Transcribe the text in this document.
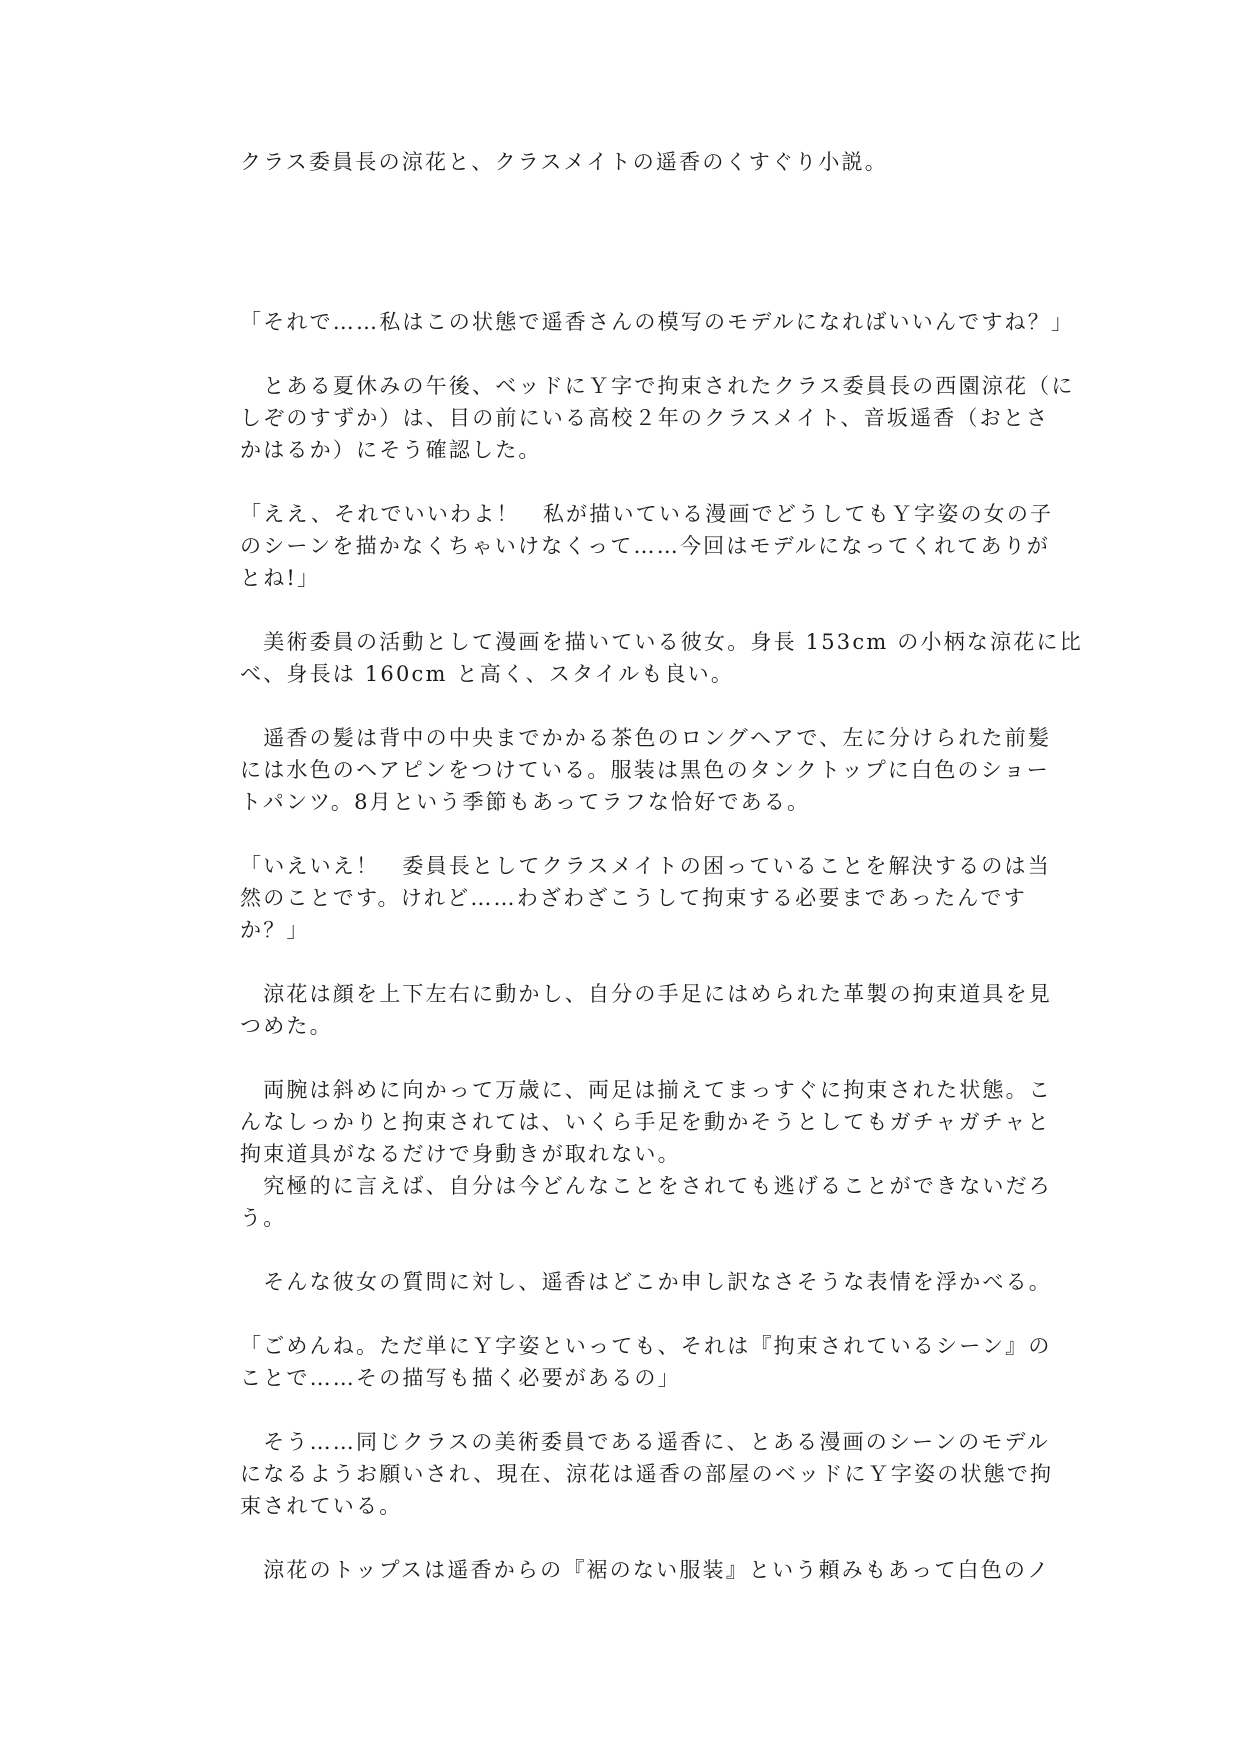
クラス委員長の涼花と、クラスメイトの遥香のくすぐり小説。
「それで……私はこの状態で遥香さんの模写のモデルになればいいんですね？」
　とある夏休みの午後、ベッドにＹ字で拘束されたクラス委員長の西園涼花（に
しぞのすずか）は、目の前にいる高校２年のクラスメイト、音坂遥香（おとさ
かはるか）にそう確認した。
「ええ、それでいいわよ！　私が描いている漫画でどうしてもＹ字姿の女の子
のシーンを描かなくちゃいけなくって……今回はモデルになってくれてありが
とね!」
　美術委員の活動として漫画を描いている彼女。身長 153cm の小柄な涼花に比
べ、身長は 160cm と高く、スタイルも良い。
　遥香の髪は背中の中央までかかる茶色のロングヘアで、左に分けられた前髪
には水色のヘアピンをつけている。服装は黒色のタンクトップに白色のショー
トパンツ。8月という季節もあってラフな恰好である。
「いえいえ！　委員長としてクラスメイトの困っていることを解決するのは当
然のことです。けれど……わざわざこうして拘束する必要まであったんです
か？」
　涼花は顔を上下左右に動かし、自分の手足にはめられた革製の拘束道具を見
つめた。
　両腕は斜めに向かって万歳に、両足は揃えてまっすぐに拘束された状態。こ
んなしっかりと拘束されては、いくら手足を動かそうとしてもガチャガチャと
拘束道具がなるだけで身動きが取れない。
　究極的に言えば、自分は今どんなことをされても逃げることができないだろ
う。
　そんな彼女の質問に対し、遥香はどこか申し訳なさそうな表情を浮かべる。
「ごめんね。ただ単にＹ字姿といっても、それは『拘束されているシーン』の
ことで……その描写も描く必要があるの」
　そう……同じクラスの美術委員である遥香に、とある漫画のシーンのモデル
になるようお願いされ、現在、涼花は遥香の部屋のベッドにＹ字姿の状態で拘
束されている。
　涼花のトップスは遥香からの『裾のない服装』という頼みもあって白色のノ
